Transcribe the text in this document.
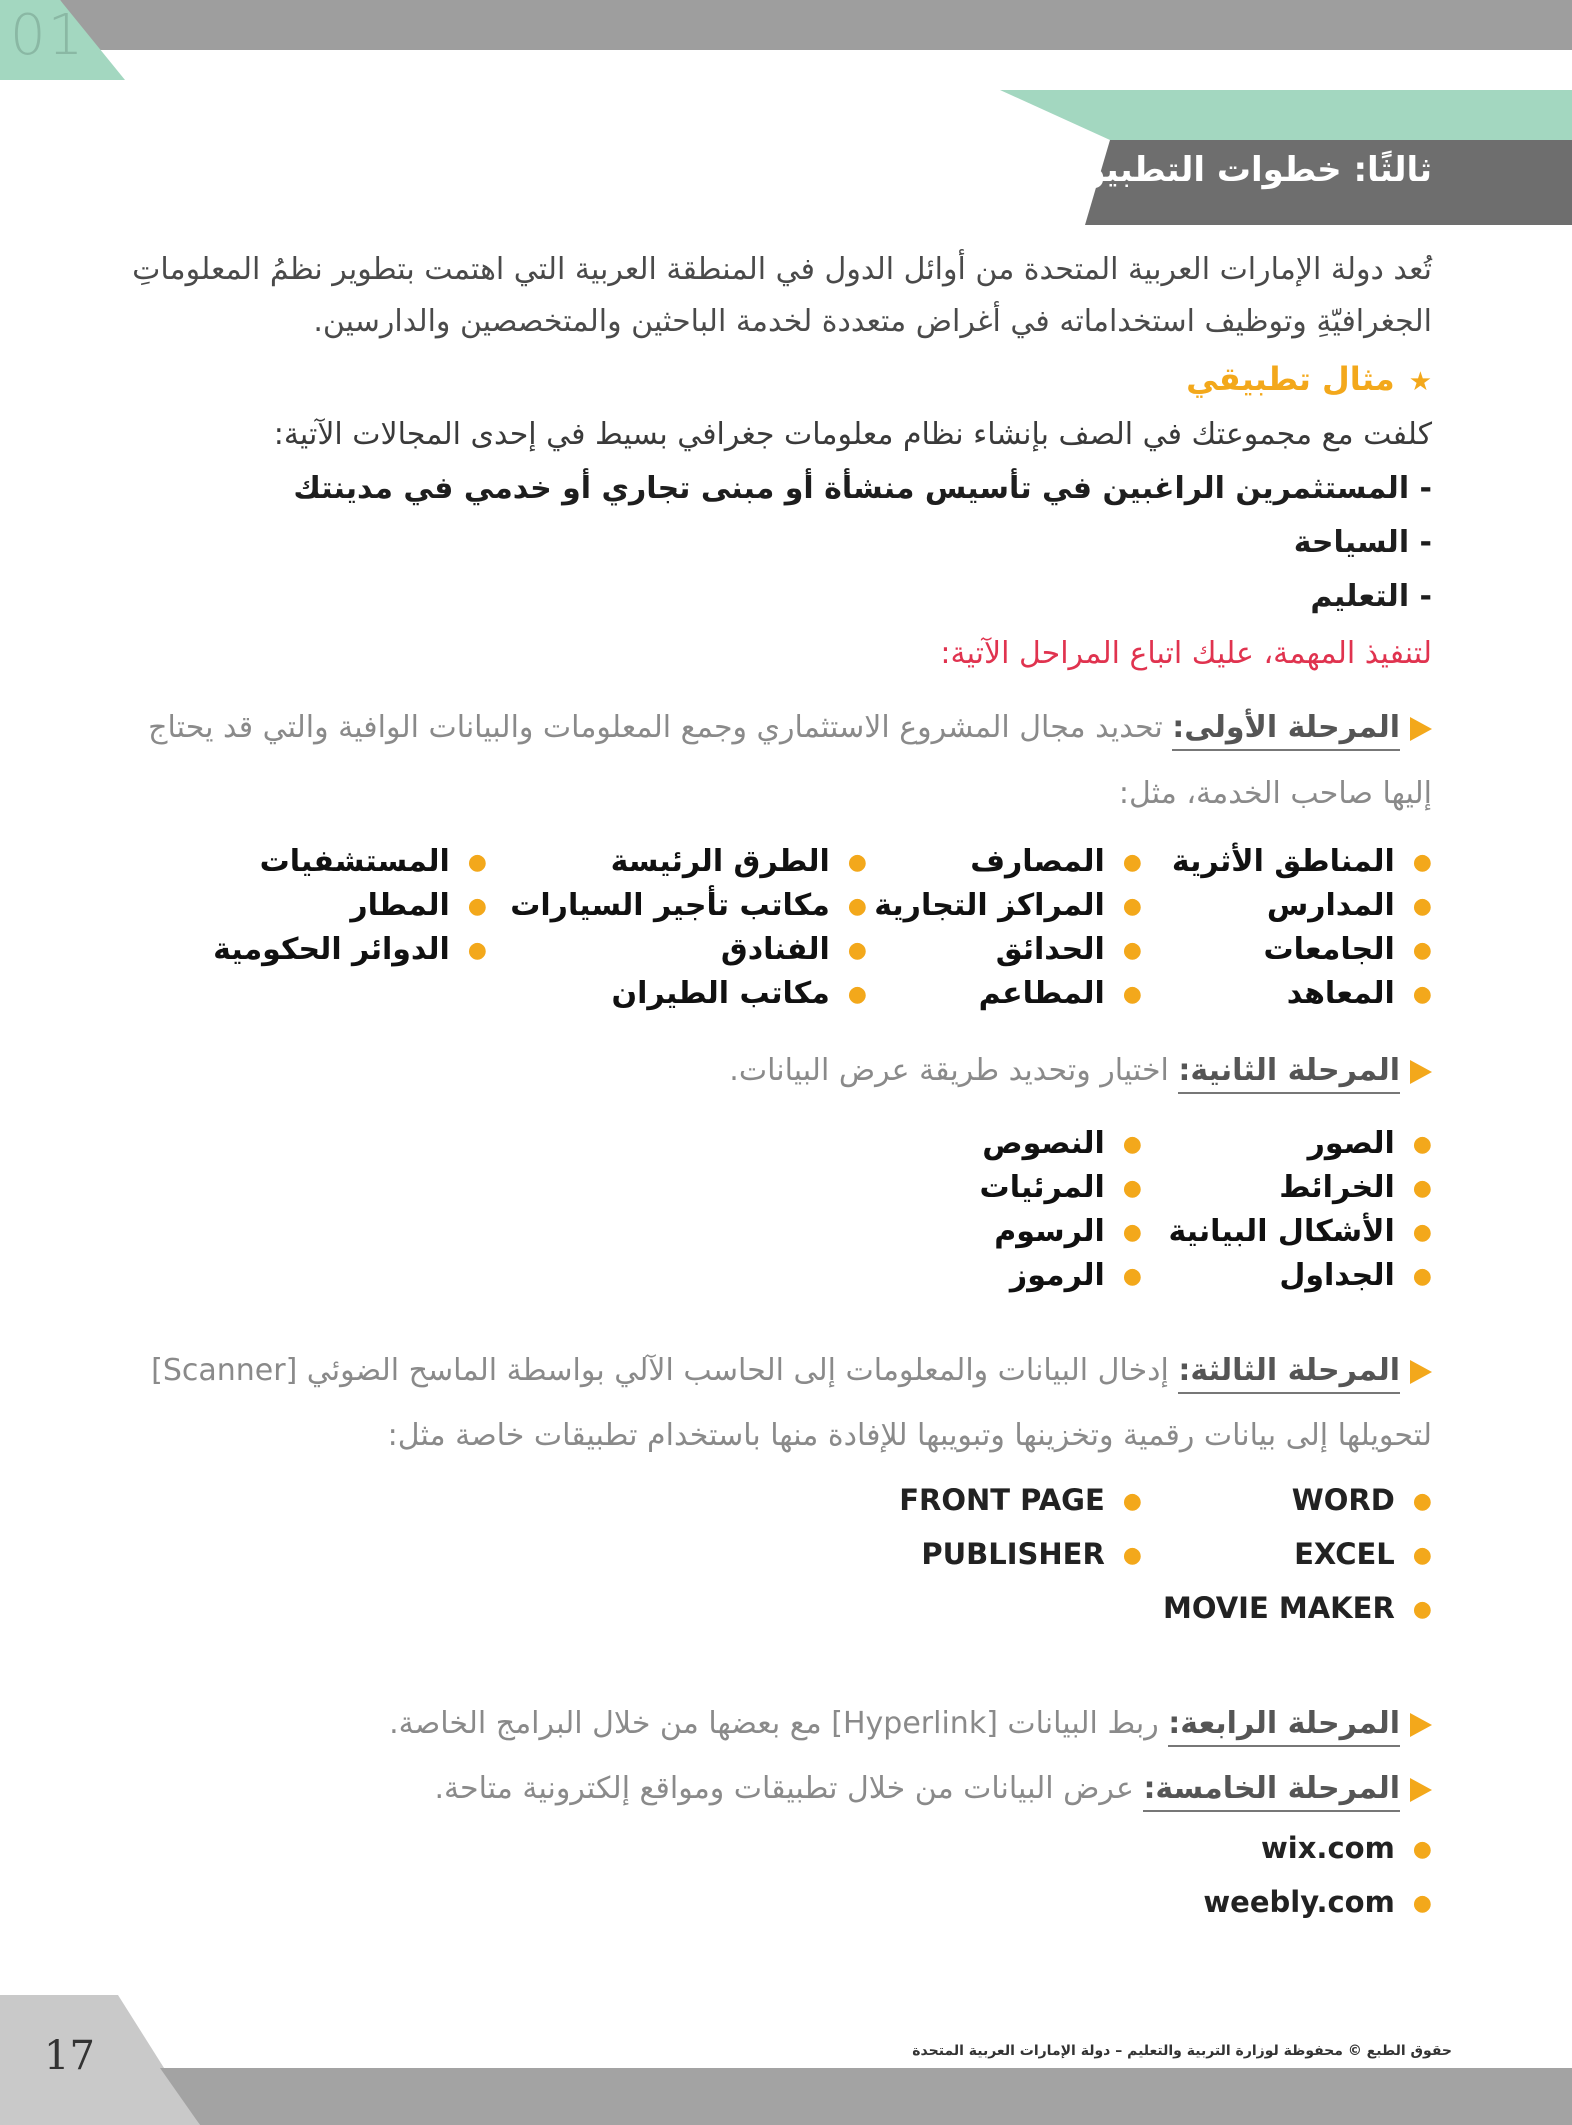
01
ثالثًا: خطوات التطبيق
تُعد دولة الإمارات العربية المتحدة من أوائل الدول في المنطقة العربية التي اهتمت بتطوير نظمُ المعلوماتِ
الجغرافيّةِ وتوظيف استخداماته في أغراض متعددة لخدمة الباحثين والمتخصصين والدارسين.
★مثال تطبيقي
كلفت مع مجموعتك في الصف بإنشاء نظام معلومات جغرافي بسيط في إحدى المجالات الآتية:
- المستثمرين الراغبين في تأسيس منشأة أو مبنى تجاري أو خدمي في مدينتك
- السياحة
- التعليم
لتنفيذ المهمة، عليك اتباع المراحل الآتية:
المرحلة الأولى: تحديد مجال المشروع الاستثماري وجمع المعلومات والبيانات الوافية والتي قد يحتاج
إليها صاحب الخدمة، مثل:
●المناطق الأثرية
●المدارس
●الجامعات
●المعاهد
●المصارف
●المراكز التجارية
●الحدائق
●المطاعم
●الطرق الرئيسة
●مكاتب تأجير السيارات
●الفنادق
●مكاتب الطيران
●المستشفيات
●المطار
●الدوائر الحكومية
المرحلة الثانية: اختيار وتحديد طريقة عرض البيانات.
●الصور
●الخرائط
●الأشكال البيانية
●الجداول
●النصوص
●المرئيات
●الرسوم
●الرموز
المرحلة الثالثة: إدخال البيانات والمعلومات إلى الحاسب الآلي بواسطة الماسح الضوئي [Scanner]
لتحويلها إلى بيانات رقمية وتخزينها وتبويبها للإفادة منها باستخدام تطبيقات خاصة مثل:
●WORD
●EXCEL
●MOVIE MAKER
●FRONT PAGE
●PUBLISHER
المرحلة الرابعة: ربط البيانات [Hyperlink] مع بعضها من خلال البرامج الخاصة.
المرحلة الخامسة: عرض البيانات من خلال تطبيقات ومواقع إلكترونية متاحة.
●wix.com
●weebly.com
حقوق الطبع © محفوظة لوزارة التربية والتعليم – دولة الإمارات العربية المتحدة
17
